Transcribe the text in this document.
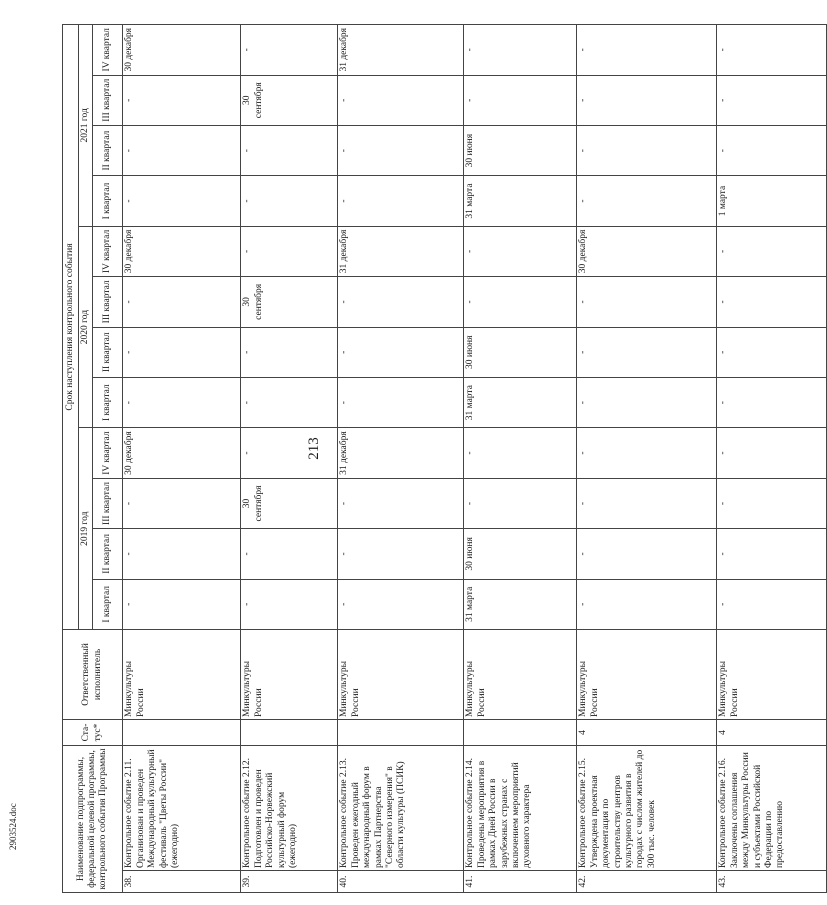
213
2903524.doc	Наименование подпрограммы, федеральной целевой программы, контрольного события Программы		Ста-тус*	Ответственный исполнитель	Срок наступления контрольного события											
				2019 год				2020 год				2021 год			
				I квартал	II квартал	III квартал	IV квартал	I квартал	II квартал	III квартал	IV квартал	I квартал	II квартал	III квартал	IV квартал
38.	Контрольное событие 2.11. Организован и проведен Международный культурный фестиваль "Цветы России" (ежегодно)		Минкультуры России	-	-	-	30 декабря	-	-	-	30 декабря	-	-	-	30 декабря
39.	Контрольное событие 2.12. Подготовлен и проведен Российско-Норвежский культурный форум (ежегодно)		Минкультуры России	-	-	30 сентября	-	-	-	30 сентября	-	-	-	30 сентября	-
40.	Контрольное событие 2.13. Проведен ежегодный международный форум в рамках Партнерства "Северного измерения" в области культуры (ПСИК)		Минкультуры России	-	-	-	31 декабря	-	-	-	31 декабря	-	-	-	31 декабря
41.	Контрольное событие 2.14. Проведены мероприятия в рамках Дней России в зарубежных странах с включением мероприятий духовного характера		Минкультуры России	31 марта	30 июня	-	-	31 марта	30 июня	-	-	31 марта	30 июня	-	-
42.	Контрольное событие 2.15. Утверждена проектная документация по строительству центров культурного развития в городах с числом жителей до 300 тыс. человек	4	Минкультуры России	-	-	-	-	-	-	-	30 декабря	-	-	-	-
43.	Контрольное событие 2.16. Заключены соглашения между Минкультуры России и субъектами Российской Федерации по предоставлению	4	Минкультуры России	-	-	-	-	-	-	-	-	1 марта	-	-	-
